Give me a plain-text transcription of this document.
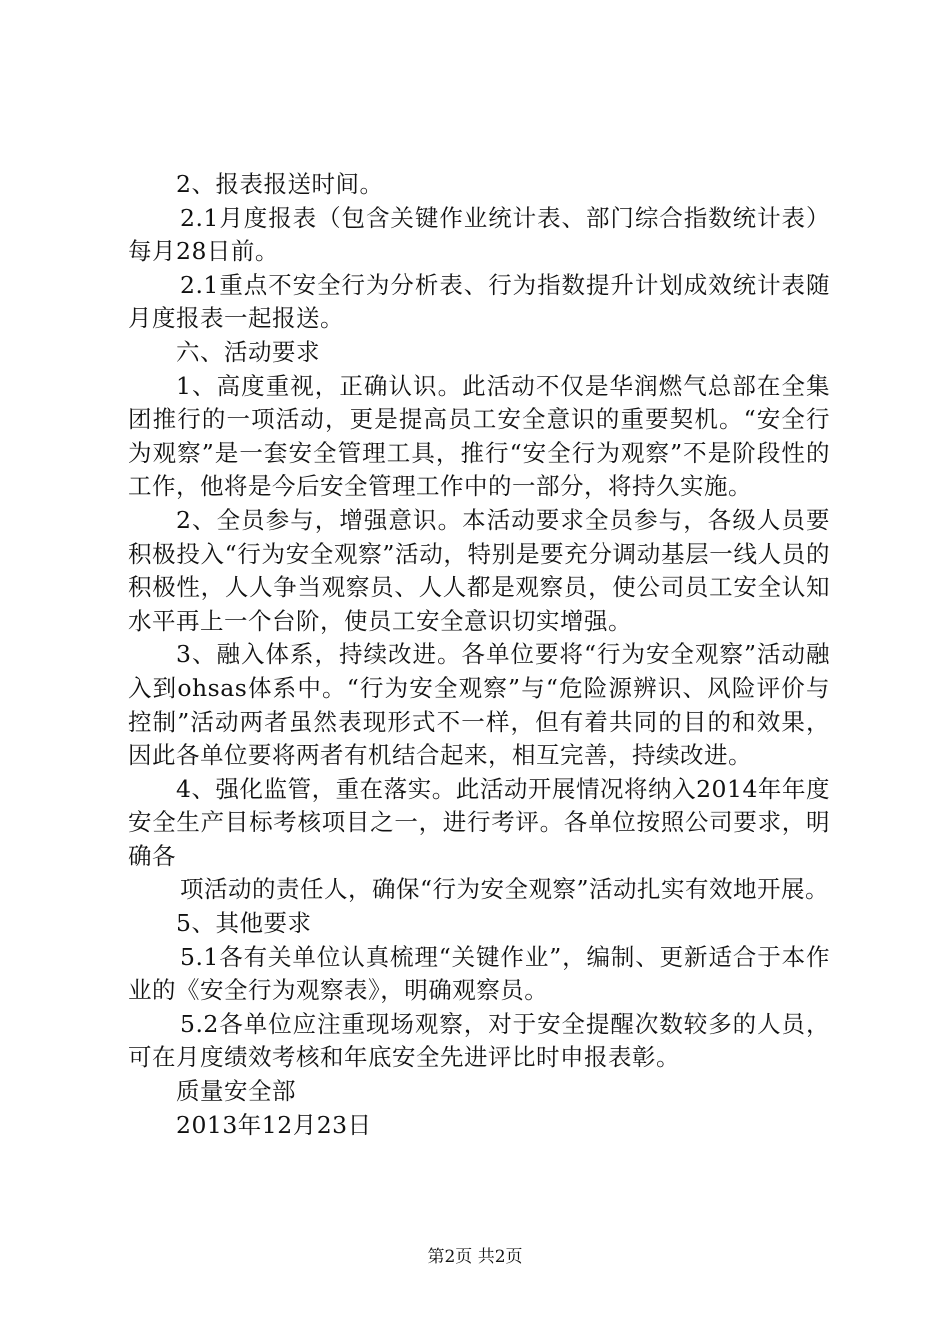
2、报表报送时间。

2.1月度报表（包含关键作业统计表、部门综合指数统计表）每月28日前。

2.1重点不安全行为分析表、行为指数提升计划成效统计表随月度报表一起报送。

六、活动要求

1、高度重视，正确认识。此活动不仅是华润燃气总部在全集团推行的一项活动，更是提高员工安全意识的重要契机。“安全行为观察”是一套安全管理工具，推行“安全行为观察”不是阶段性的工作，他将是今后安全管理工作中的一部分，将持久实施。

2、全员参与，增强意识。本活动要求全员参与，各级人员要积极投入“行为安全观察”活动，特别是要充分调动基层一线人员的积极性，人人争当观察员、人人都是观察员，使公司员工安全认知水平再上一个台阶，使员工安全意识切实增强。

3、融入体系，持续改进。各单位要将“行为安全观察”活动融入到ohsas体系中。“行为安全观察”与“危险源辨识、风险评价与控制”活动两者虽然表现形式不一样，但有着共同的目的和效果，因此各单位要将两者有机结合起来，相互完善，持续改进。

4、强化监管，重在落实。此活动开展情况将纳入2014年年度安全生产目标考核项目之一，进行考评。各单位按照公司要求，明确各

项活动的责任人，确保“行为安全观察”活动扎实有效地开展。

5、其他要求

5.1各有关单位认真梳理“关键作业”，编制、更新适合于本作业的《安全行为观察表》，明确观察员。

5.2各单位应注重现场观察，对于安全提醒次数较多的人员，可在月度绩效考核和年底安全先进评比时申报表彰。

质量安全部

2013年12月23日

第2页 共2页
